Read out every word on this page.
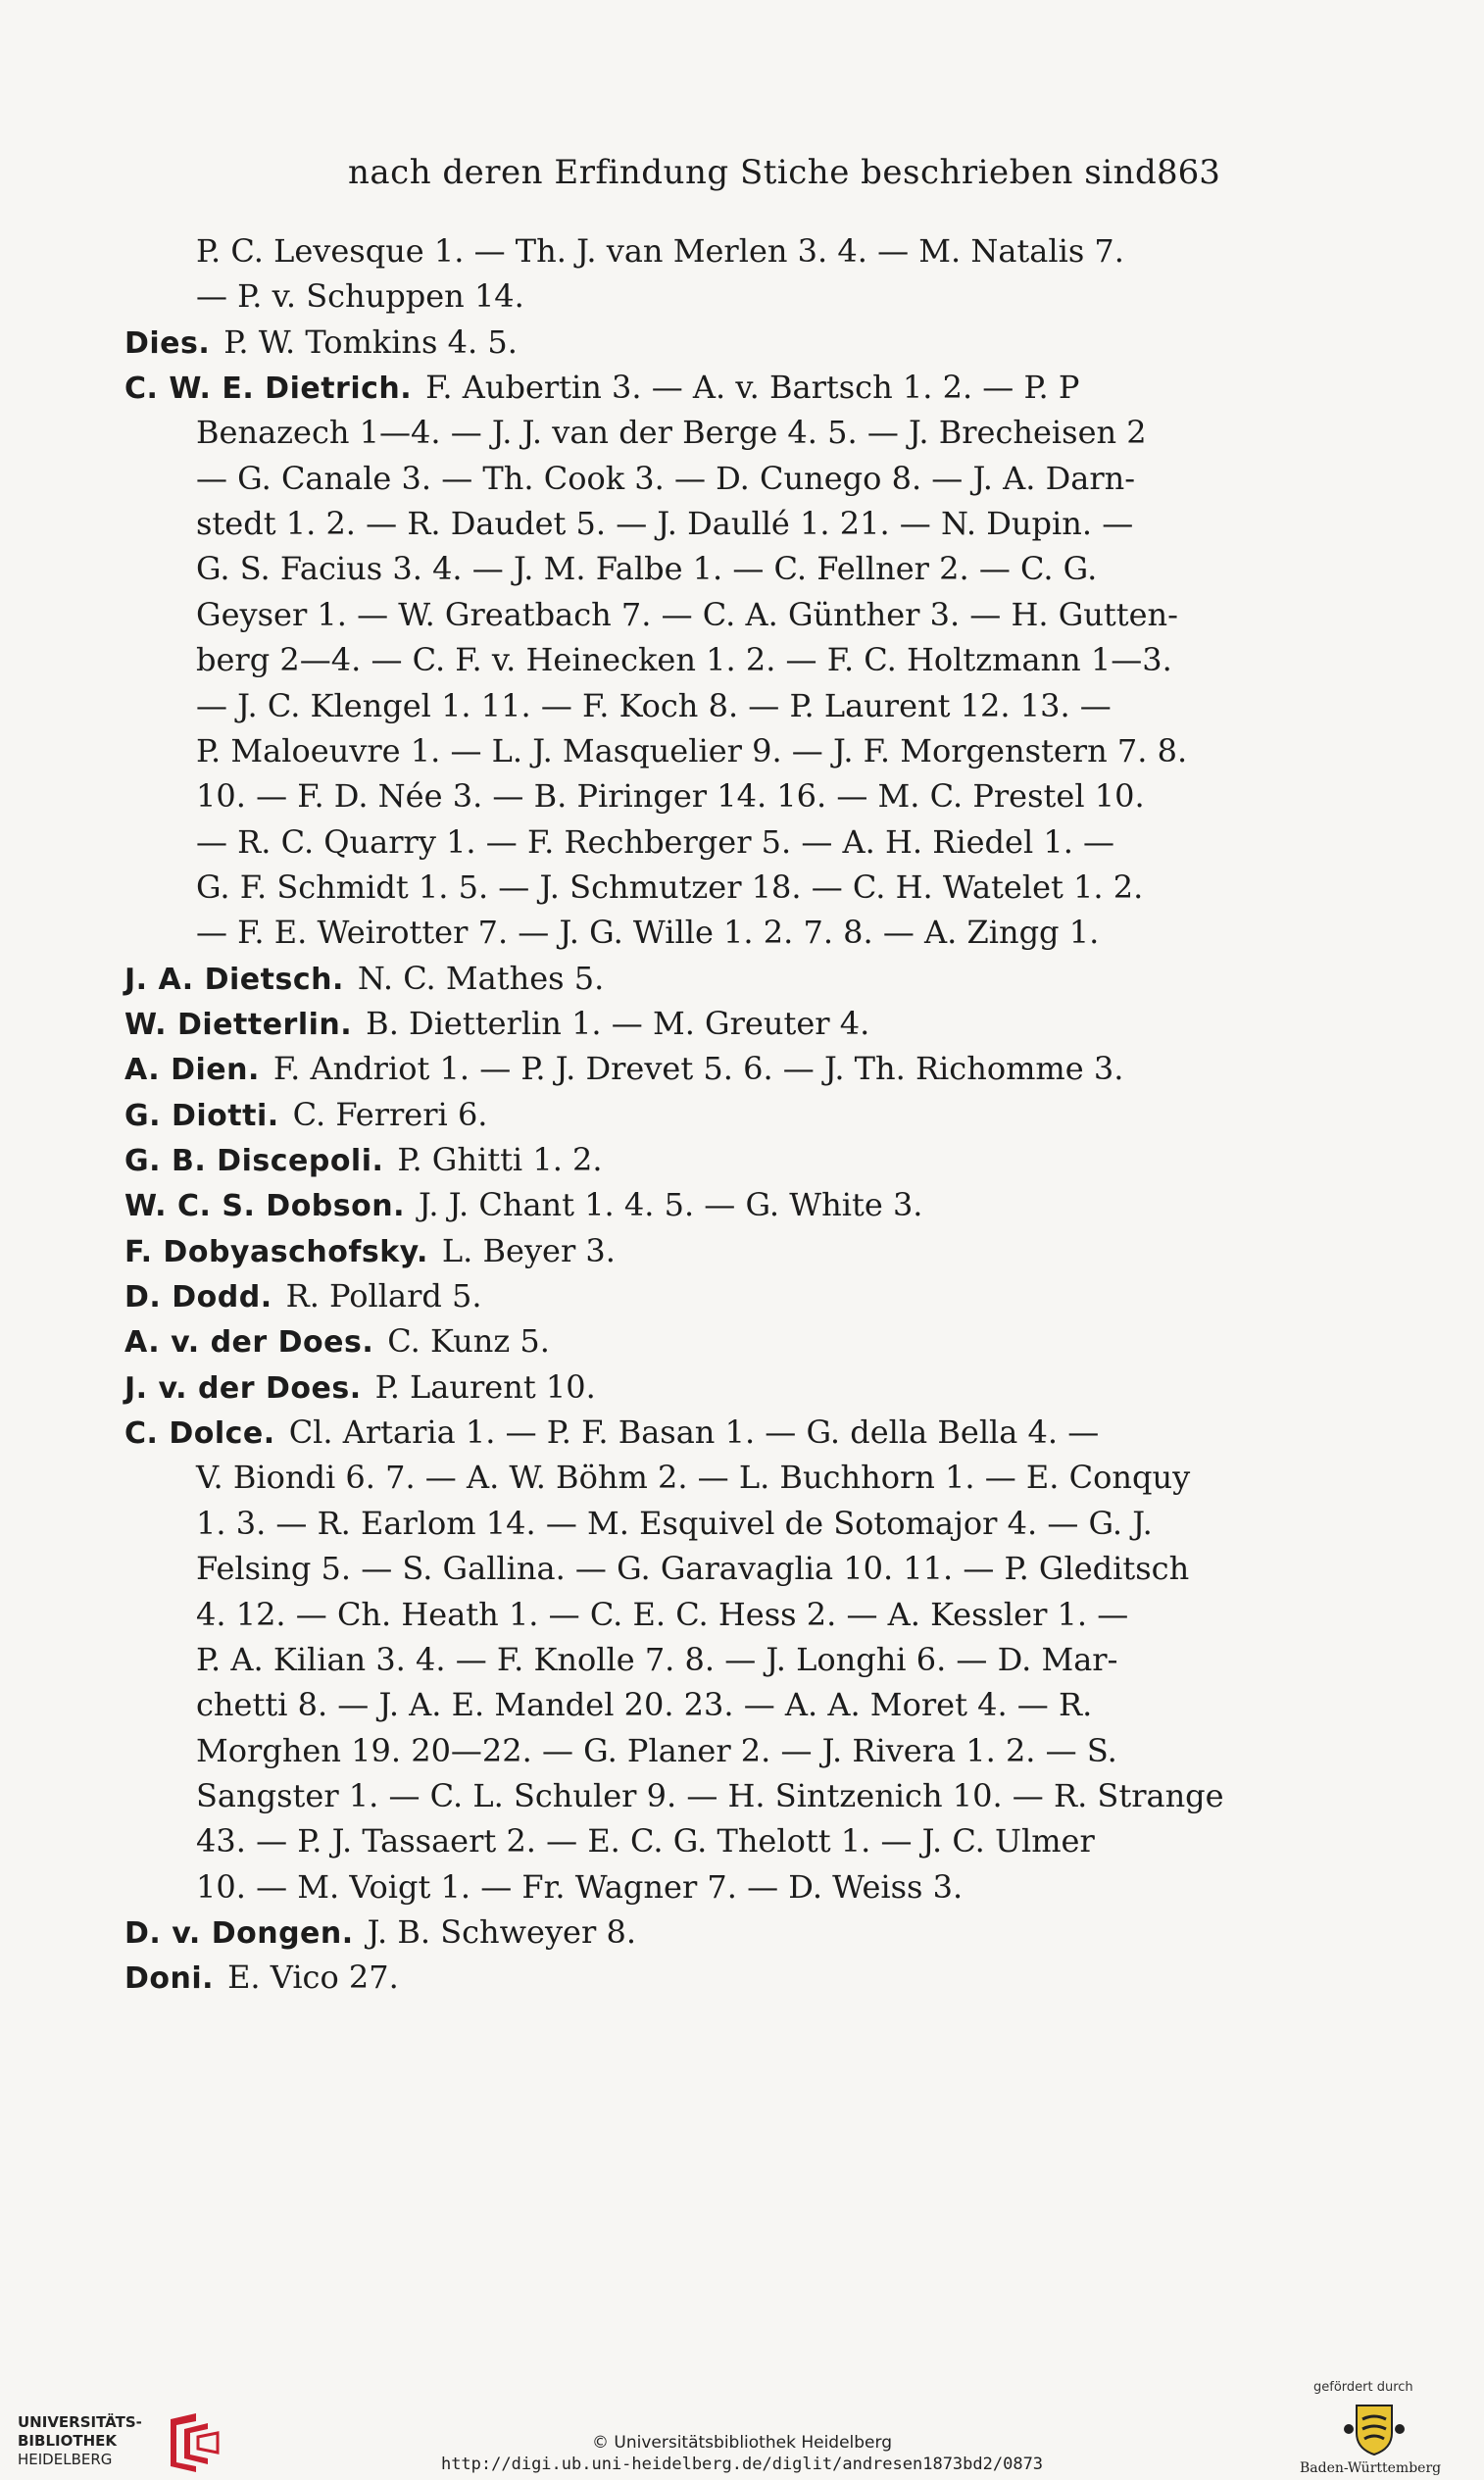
nach deren Erfindung Stiche beschrieben sind.
863
P. C. Levesque 1. — Th. J. van Merlen 3. 4. — M. Natalis 7.
— P. v. Schuppen 14.
Dies. P. W. Tomkins 4. 5.
C. W. E. Dietrich. F. Aubertin 3. — A. v. Bartsch 1. 2. — P. P
Benazech 1—4. — J. J. van der Berge 4. 5. — J. Brecheisen 2
— G. Canale 3. — Th. Cook 3. — D. Cunego 8. — J. A. Darn-
stedt 1. 2. — R. Daudet 5. — J. Daullé 1. 21. — N. Dupin. —
G. S. Facius 3. 4. — J. M. Falbe 1. — C. Fellner 2. — C. G.
Geyser 1. — W. Greatbach 7. — C. A. Günther 3. — H. Gutten-
berg 2—4. — C. F. v. Heinecken 1. 2. — F. C. Holtzmann 1—3.
— J. C. Klengel 1. 11. — F. Koch 8. — P. Laurent 12. 13. —
P. Maloeuvre 1. — L. J. Masquelier 9. — J. F. Morgenstern 7. 8.
10. — F. D. Née 3. — B. Piringer 14. 16. — M. C. Prestel 10.
— R. C. Quarry 1. — F. Rechberger 5. — A. H. Riedel 1. —
G. F. Schmidt 1. 5. — J. Schmutzer 18. — C. H. Watelet 1. 2.
— F. E. Weirotter 7. — J. G. Wille 1. 2. 7. 8. — A. Zingg 1.
J. A. Dietsch. N. C. Mathes 5.
W. Dietterlin. B. Dietterlin 1. — M. Greuter 4.
A. Dien. F. Andriot 1. — P. J. Drevet 5. 6. — J. Th. Richomme 3.
G. Diotti. C. Ferreri 6.
G. B. Discepoli. P. Ghitti 1. 2.
W. C. S. Dobson. J. J. Chant 1. 4. 5. — G. White 3.
F. Dobyaschofsky. L. Beyer 3.
D. Dodd. R. Pollard 5.
A. v. der Does. C. Kunz 5.
J. v. der Does. P. Laurent 10.
C. Dolce. Cl. Artaria 1. — P. F. Basan 1. — G. della Bella 4. —
V. Biondi 6. 7. — A. W. Böhm 2. — L. Buchhorn 1. — E. Conquy
1. 3. — R. Earlom 14. — M. Esquivel de Sotomajor 4. — G. J.
Felsing 5. — S. Gallina. — G. Garavaglia 10. 11. — P. Gleditsch
4. 12. — Ch. Heath 1. — C. E. C. Hess 2. — A. Kessler 1. —
P. A. Kilian 3. 4. — F. Knolle 7. 8. — J. Longhi 6. — D. Mar-
chetti 8. — J. A. E. Mandel 20. 23. — A. A. Moret 4. — R.
Morghen 19. 20—22. — G. Planer 2. — J. Rivera 1. 2. — S.
Sangster 1. — C. L. Schuler 9. — H. Sintzenich 10. — R. Strange
43. — P. J. Tassaert 2. — E. C. G. Thelott 1. — J. C. Ulmer
10. — M. Voigt 1. — Fr. Wagner 7. — D. Weiss 3.
D. v. Dongen. J. B. Schweyer 8.
Doni. E. Vico 27.
UNIVERSITÄTS-
BIBLIOTHEK
HEIDELBERG
© Universitätsbibliothek Heidelberg
http://digi.ub.uni-heidelberg.de/diglit/andresen1873bd2/0873
gefördert durch
Baden-Württemberg
